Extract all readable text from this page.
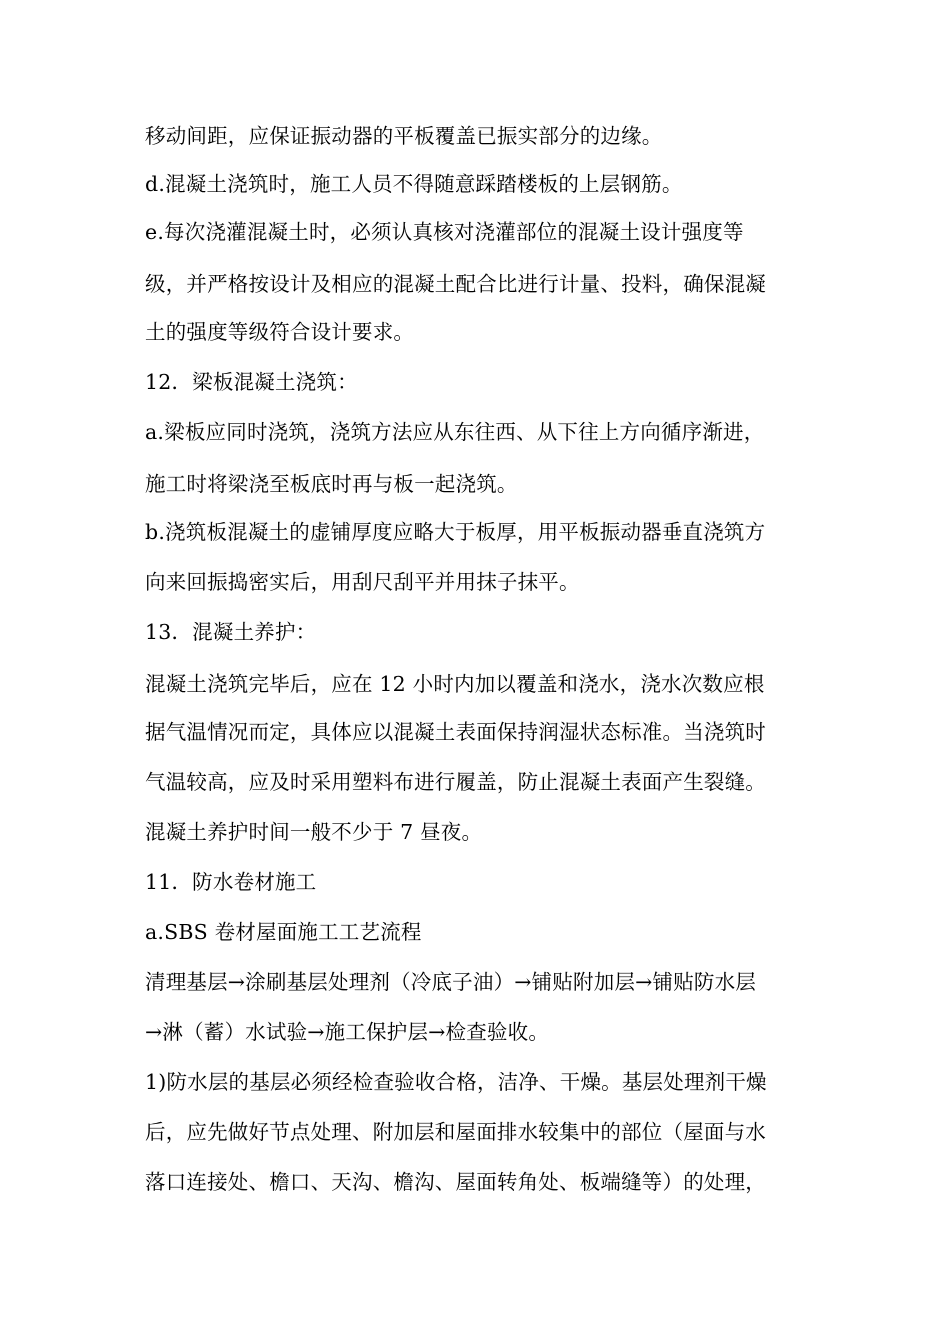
移动间距，应保证振动器的平板覆盖已振实部分的边缘。
d.混凝土浇筑时，施工人员不得随意踩踏楼板的上层钢筋。
e.每次浇灌混凝土时，必须认真核对浇灌部位的混凝土设计强度等
级，并严格按设计及相应的混凝土配合比进行计量、投料，确保混凝
土的强度等级符合设计要求。
12．梁板混凝土浇筑：
a.梁板应同时浇筑，浇筑方法应从东往西、从下往上方向循序渐进，
施工时将梁浇至板底时再与板一起浇筑。
b.浇筑板混凝土的虚铺厚度应略大于板厚，用平板振动器垂直浇筑方
向来回振捣密实后，用刮尺刮平并用抹子抹平。
13．混凝土养护：
混凝土浇筑完毕后，应在 12 小时内加以覆盖和浇水，浇水次数应根
据气温情况而定，具体应以混凝土表面保持润湿状态标准。当浇筑时
气温较高，应及时采用塑料布进行履盖，防止混凝土表面产生裂缝。
混凝土养护时间一般不少于 7 昼夜。
11．防水卷材施工
a.SBS 卷材屋面施工工艺流程
清理基层→涂刷基层处理剂（冷底子油）→铺贴附加层→铺贴防水层
→淋（蓄）水试验→施工保护层→检查验收。
1)防水层的基层必须经检查验收合格，洁净、干燥。基层处理剂干燥
后，应先做好节点处理、附加层和屋面排水较集中的部位（屋面与水
落口连接处、檐口、天沟、檐沟、屋面转角处、板端缝等）的处理，
